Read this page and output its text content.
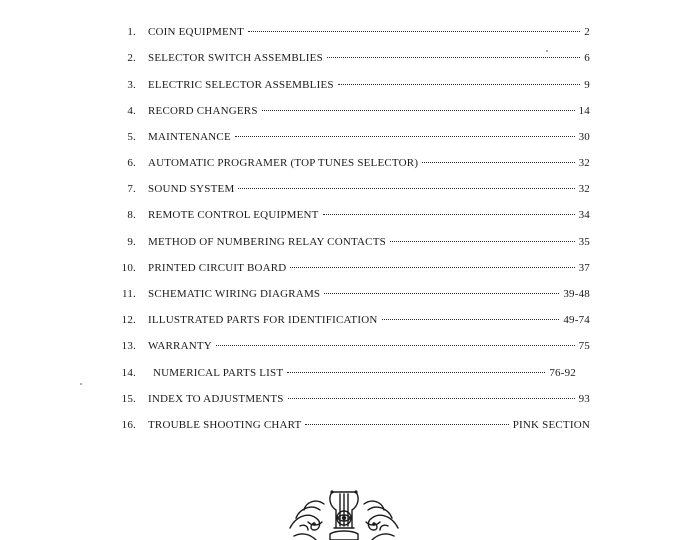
1. COIN EQUIPMENT	2
2. SELECTOR SWITCH ASSEMBLIES	6
3. ELECTRIC SELECTOR ASSEMBLIES	9
4. RECORD CHANGERS	14
5. MAINTENANCE	30
6. AUTOMATIC PROGRAMER (TOP TUNES SELECTOR)	32
7. SOUND SYSTEM	32
8. REMOTE CONTROL EQUIPMENT	34
9. METHOD OF NUMBERING RELAY CONTACTS	35
10. PRINTED CIRCUIT BOARD	37
11. SCHEMATIC WIRING DIAGRAMS	39-48
12. ILLUSTRATED PARTS FOR IDENTIFICATION	49-74
13. WARRANTY	75
14. NUMERICAL PARTS LIST	76-92
15. INDEX TO ADJUSTMENTS	93
16. TROUBLE SHOOTING CHART	PINK SECTION
